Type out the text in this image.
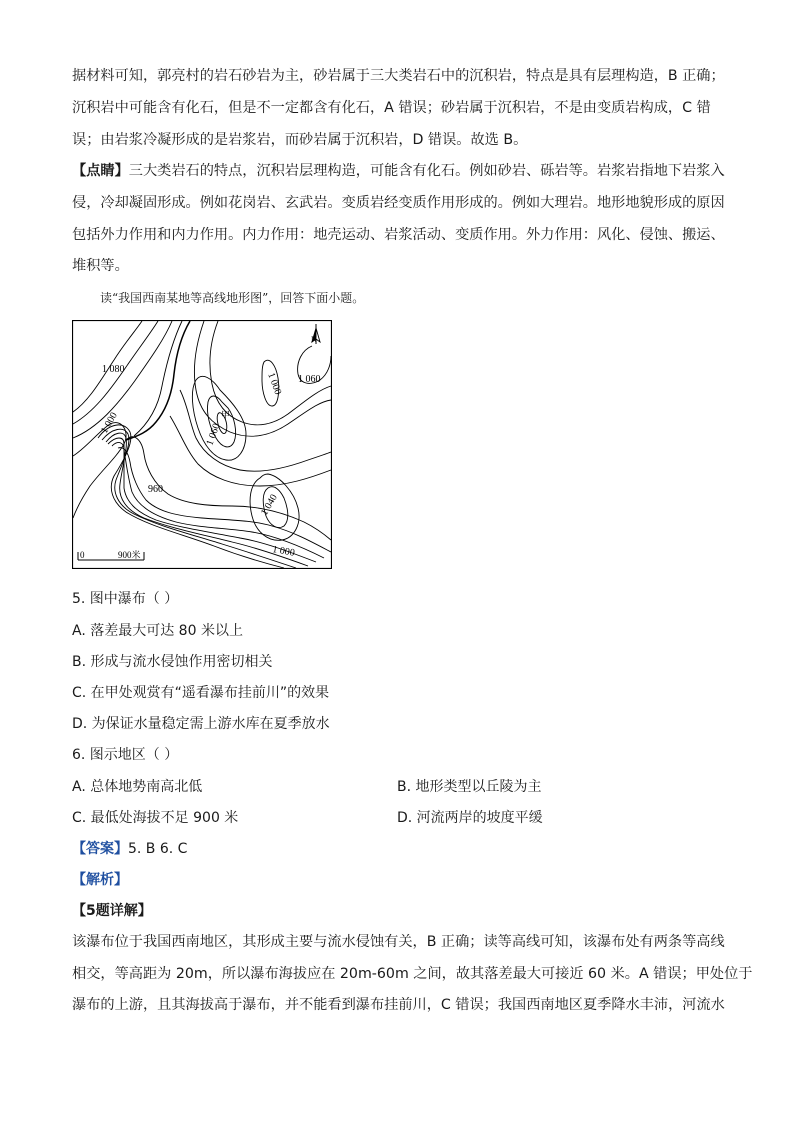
据材料可知，郭亮村的岩石砂岩为主，砂岩属于三大类岩石中的沉积岩，特点是具有层理构造，B 正确；
沉积岩中可能含有化石，但是不一定都含有化石，A 错误；砂岩属于沉积岩，不是由变质岩构成，C 错
误；由岩浆冷凝形成的是岩浆岩，而砂岩属于沉积岩，D 错误。故选 B。
【点睛】三大类岩石的特点，沉积岩层理构造，可能含有化石。例如砂岩、砾岩等。岩浆岩指地下岩浆入
侵，冷却凝固形成。例如花岗岩、玄武岩。变质岩经变质作用形成的。例如大理岩。地形地貌形成的原因
包括外力作用和内力作用。内力作用：地壳运动、岩浆活动、变质作用。外力作用：风化、侵蚀、搬运、
堆积等。
读“我国西南某地等高线地形图”，回答下面小题。
N
1 080
1 060
1 000
甲
1 060
1 000
960
1 040
1 000
0	900米
5. 图中瀑布（ ）
A. 落差最大可达 80 米以上
B. 形成与流水侵蚀作用密切相关
C. 在甲处观赏有“遥看瀑布挂前川”的效果
D. 为保证水量稳定需上游水库在夏季放水
6. 图示地区（ ）
A. 总体地势南高北低	B. 地形类型以丘陵为主
C. 最低处海拔不足 900 米	D. 河流两岸的坡度平缓
【答案】5. B 6. C
【解析】
【5题详解】
该瀑布位于我国西南地区，其形成主要与流水侵蚀有关，B 正确；读等高线可知，该瀑布处有两条等高线
相交，等高距为 20m，所以瀑布海拔应在 20m-60m 之间，故其落差最大可接近 60 米。A 错误；甲处位于
瀑布的上游，且其海拔高于瀑布，并不能看到瀑布挂前川，C 错误；我国西南地区夏季降水丰沛，河流水
